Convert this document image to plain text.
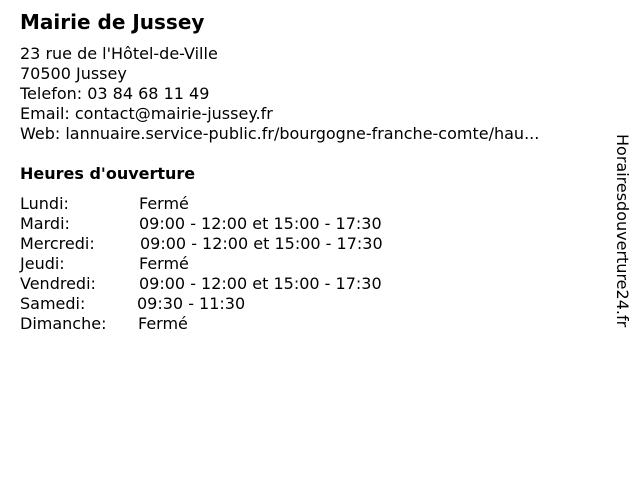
Mairie de Jussey
23 rue de l'Hôtel-de-Ville
70500 Jussey
Telefon: 03 84 68 11 49
Email: contact@mairie-jussey.fr
Web: lannuaire.service-public.fr/bourgogne-franche-comte/hau...
Heures d'ouverture
Lundi:	Fermé
Mardi:	09:00 - 12:00 et 15:00 - 17:30
Mercredi:	09:00 - 12:00 et 15:00 - 17:30
Jeudi:	Fermé
Vendredi:	09:00 - 12:00 et 15:00 - 17:30
Samedi:	09:30 - 11:30
Dimanche: Fermé	Horairesdouverture24.fr
